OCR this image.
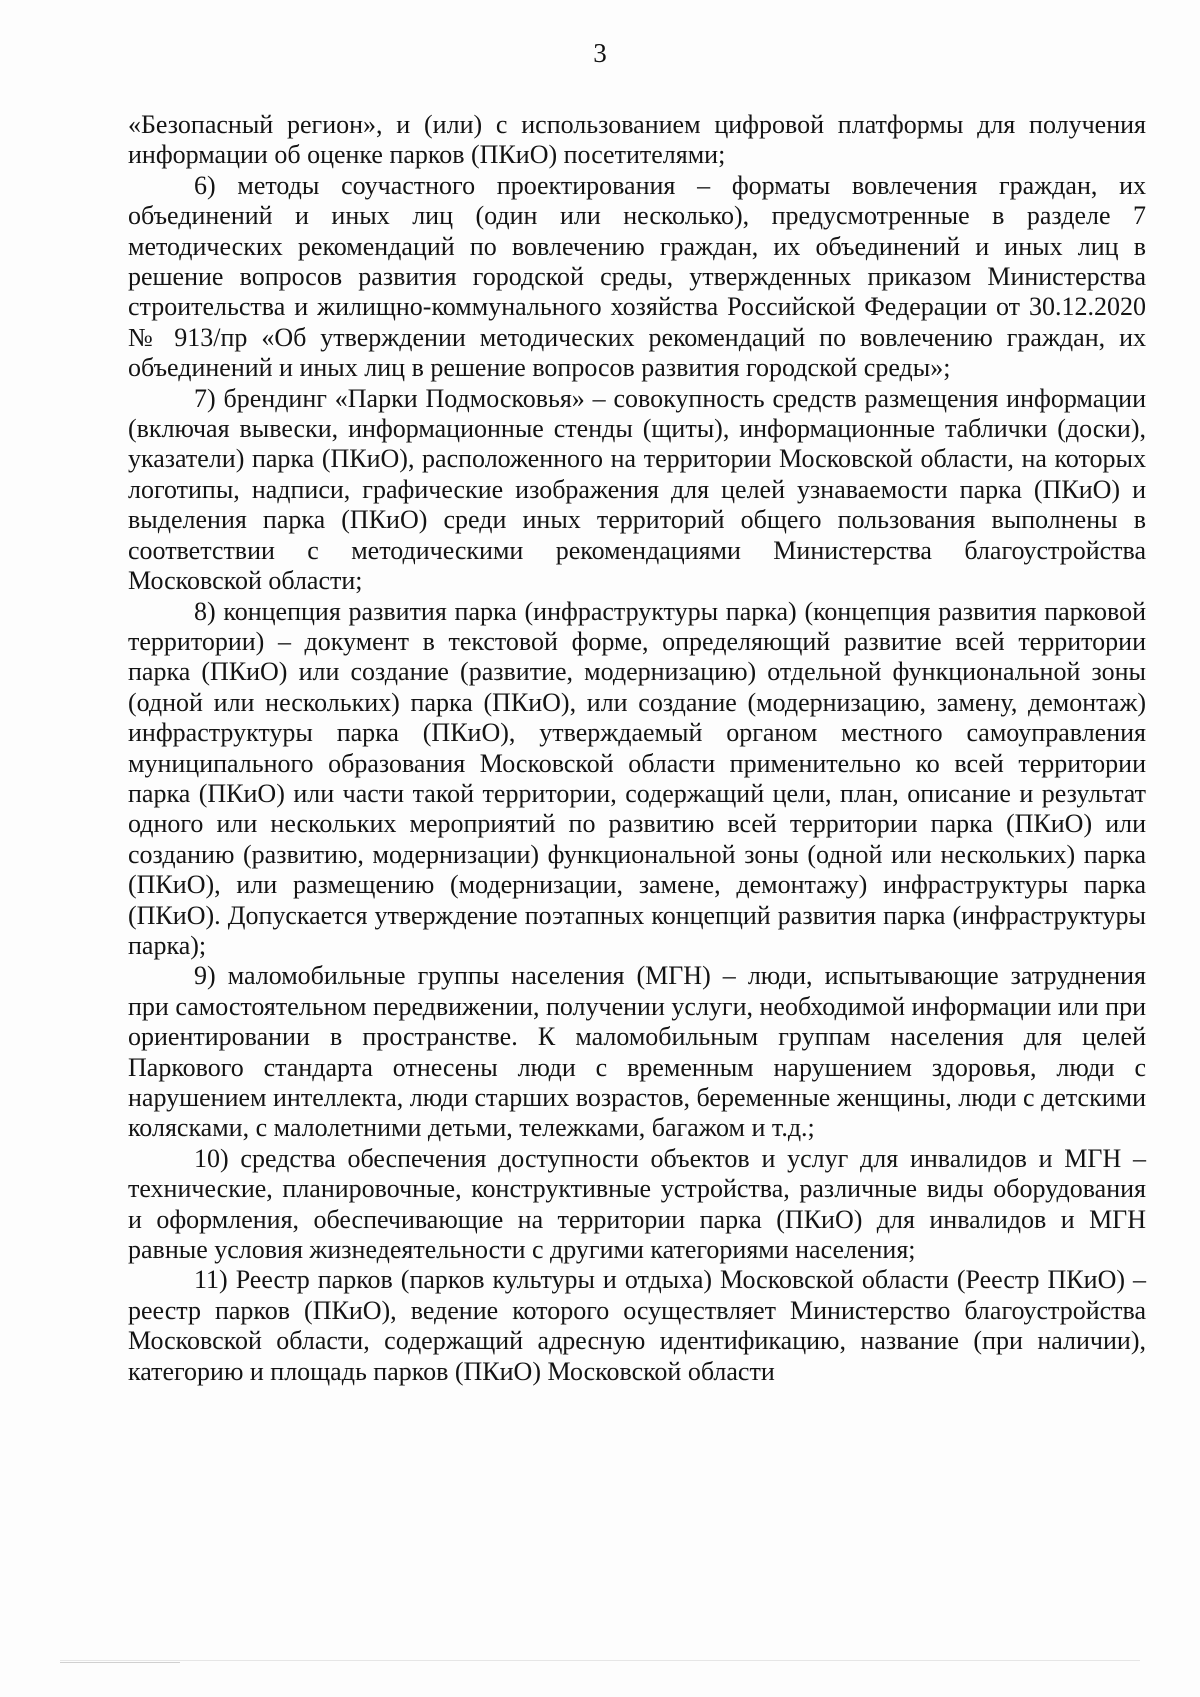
3

«Безопасный регион», и (или) с использованием цифровой платформы для получения информации об оценке парков (ПКиО) посетителями;

6) методы соучастного проектирования – форматы вовлечения граждан, их объединений и иных лиц (один или несколько), предусмотренные в разделе 7 методических рекомендаций по вовлечению граждан, их объединений и иных лиц в решение вопросов развития городской среды, утвержденных приказом Министерства строительства и жилищно-коммунального хозяйства Российской Федерации от 30.12.2020 № 913/пр «Об утверждении методических рекомендаций по вовлечению граждан, их объединений и иных лиц в решение вопросов развития городской среды»;

7) брендинг «Парки Подмосковья» – совокупность средств размещения информации (включая вывески, информационные стенды (щиты), информационные таблички (доски), указатели) парка (ПКиО), расположенного на территории Московской области, на которых логотипы, надписи, графические изображения для целей узнаваемости парка (ПКиО) и выделения парка (ПКиО) среди иных территорий общего пользования выполнены в соответствии с методическими рекомендациями Министерства благоустройства Московской области;

8) концепция развития парка (инфраструктуры парка) (концепция развития парковой территории) – документ в текстовой форме, определяющий развитие всей территории парка (ПКиО) или создание (развитие, модернизацию) отдельной функциональной зоны (одной или нескольких) парка (ПКиО), или создание (модернизацию, замену, демонтаж) инфраструктуры парка (ПКиО), утверждаемый органом местного самоуправления муниципального образования Московской области применительно ко всей территории парка (ПКиО) или части такой территории, содержащий цели, план, описание и результат одного или нескольких мероприятий по развитию всей территории парка (ПКиО) или созданию (развитию, модернизации) функциональной зоны (одной или нескольких) парка (ПКиО), или размещению (модернизации, замене, демонтажу) инфраструктуры парка (ПКиО). Допускается утверждение поэтапных концепций развития парка (инфраструктуры парка);

9) маломобильные группы населения (МГН) – люди, испытывающие затруднения при самостоятельном передвижении, получении услуги, необходимой информации или при ориентировании в пространстве. К маломобильным группам населения для целей Паркового стандарта отнесены люди с временным нарушением здоровья, люди с нарушением интеллекта, люди старших возрастов, беременные женщины, люди с детскими колясками, с малолетними детьми, тележками, багажом и т.д.;

10) средства обеспечения доступности объектов и услуг для инвалидов и МГН – технические, планировочные, конструктивные устройства, различные виды оборудования и оформления, обеспечивающие на территории парка (ПКиО) для инвалидов и МГН равные условия жизнедеятельности с другими категориями населения;

11) Реестр парков (парков культуры и отдыха) Московской области (Реестр ПКиО) – реестр парков (ПКиО), ведение которого осуществляет Министерство благоустройства Московской области, содержащий адресную идентификацию, название (при наличии), категорию и площадь парков (ПКиО) Московской области
